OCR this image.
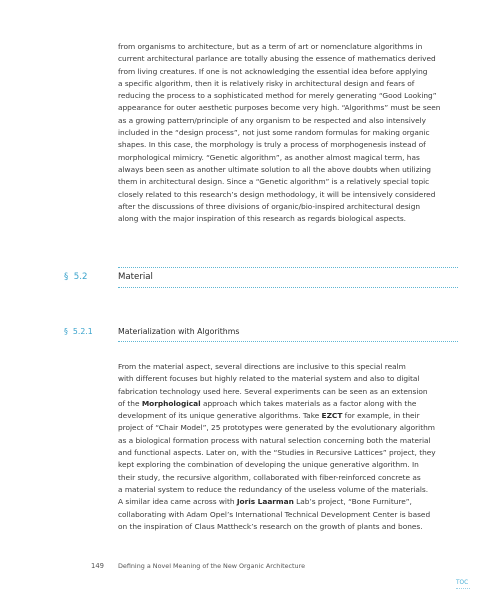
from organisms to architecture, but as a term of art or nomenclature algorithms in
current architectural parlance are totally abusing the essence of mathematics derived
from living creatures. If one is not acknowledging the essential idea before applying
a specific algorithm, then it is relatively risky in architectural design and fears of
reducing the process to a sophisticated method for merely generating “Good Looking”
appearance for outer aesthetic purposes become very high. “Algorithms” must be seen
as a growing pattern/principle of any organism to be respected and also intensively
included in the “design process”, not just some random formulas for making organic
shapes. In this case, the morphology is truly a process of morphogenesis instead of
morphological mimicry. “Genetic algorithm”, as another almost magical term, has
always been seen as another ultimate solution to all the above doubts when utilizing
them in architectural design. Since a “Genetic algorithm” is a relatively special topic
closely related to this research’s design methodology, it will be intensively considered
after the discussions of three divisions of organic/bio-inspired architectural design
along with the major inspiration of this research as regards biological aspects.
§ 5.2	Material
§ 5.2.1	Materialization with Algorithms
From the material aspect, several directions are inclusive to this special realm
with different focuses but highly related to the material system and also to digital
fabrication technology used here. Several experiments can be seen as an extension
of the Morphological approach which takes materials as a factor along with the
development of its unique generative algorithms. Take EZCT for example, in their
project of “Chair Model”, 25 prototypes were generated by the evolutionary algorithm
as a biological formation process with natural selection concerning both the material
and functional aspects. Later on, with the “Studies in Recursive Lattices” project, they
kept exploring the combination of developing the unique generative algorithm. In
their study, the recursive algorithm, collaborated with fiber-reinforced concrete as
a material system to reduce the redundancy of the useless volume of the materials.
A similar idea came across with Joris Laarman Lab’s project, “Bone Furniture”,
collaborating with Adam Opel’s International Technical Development Center is based
on the inspiration of Claus Mattheck’s research on the growth of plants and bones.
149 Defining a Novel Meaning of the New Organic Architecture
TOC
